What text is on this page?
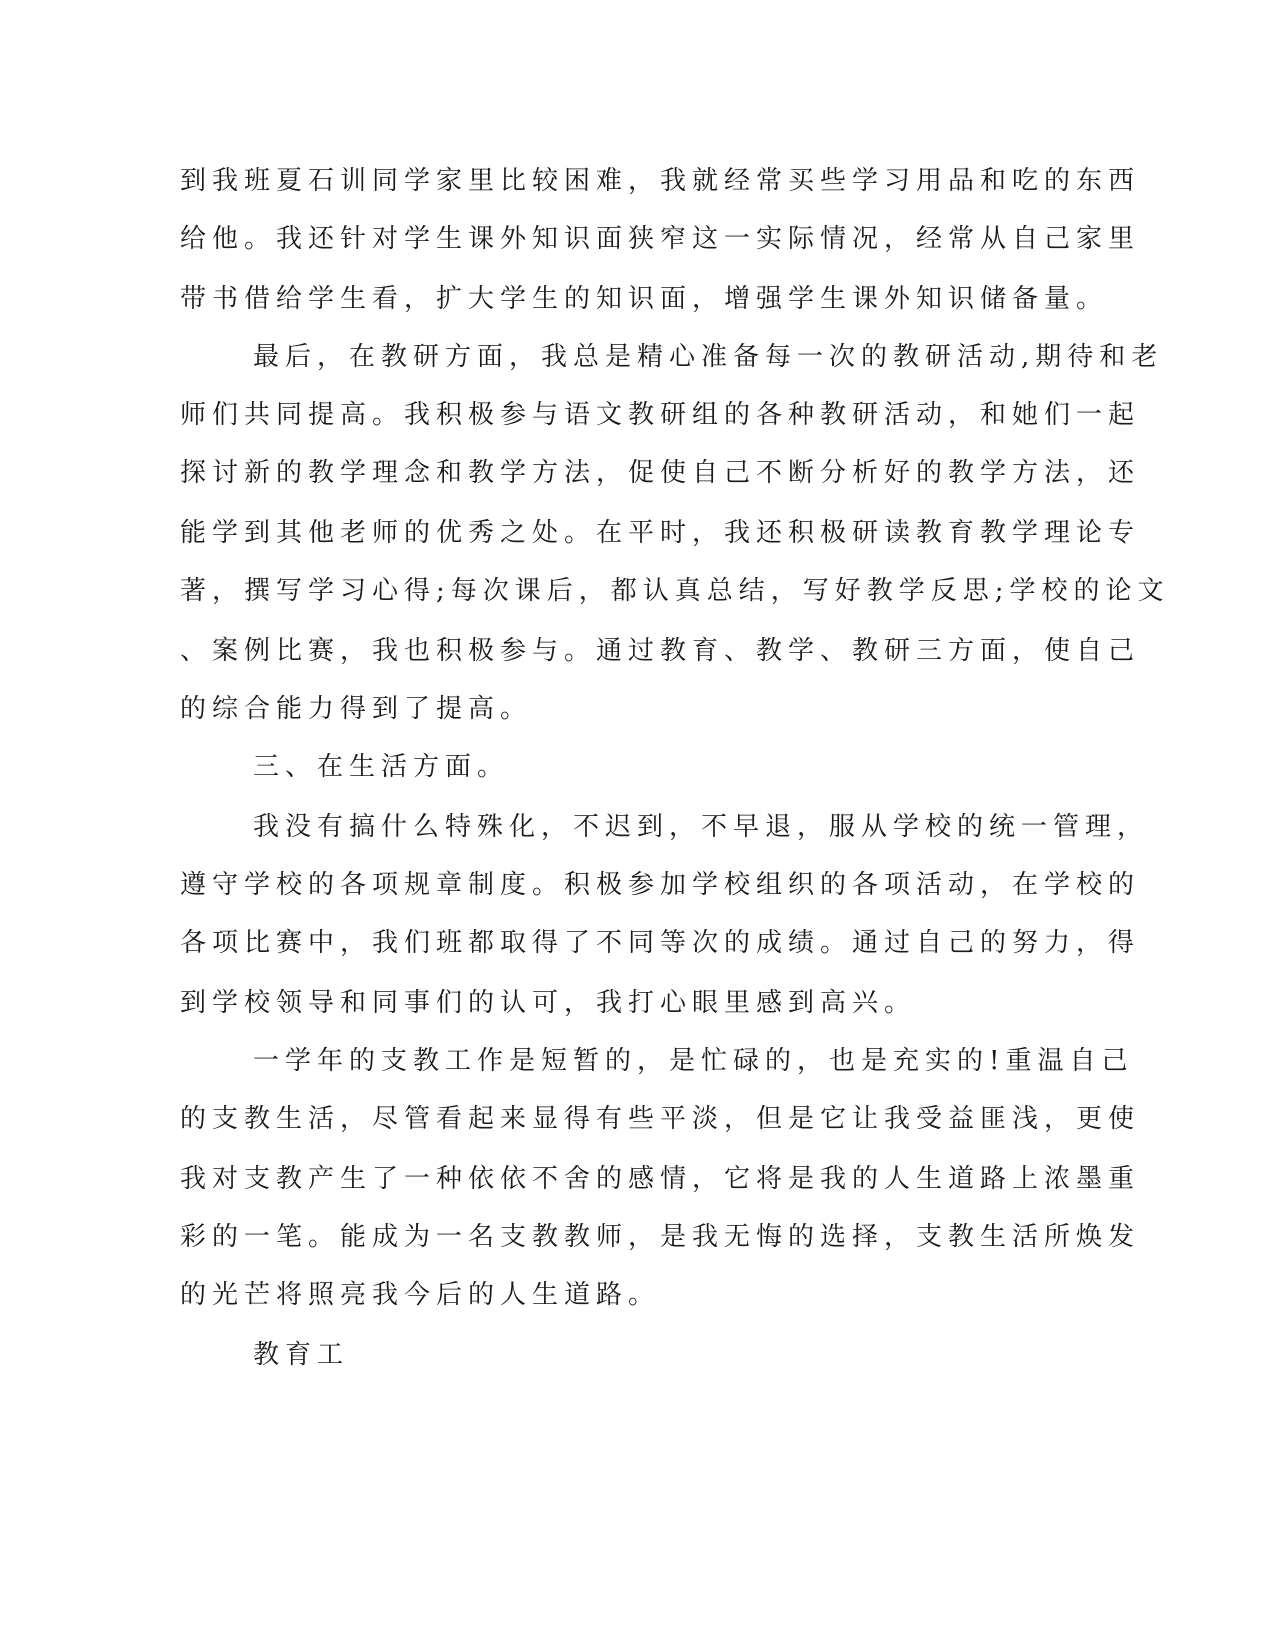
到我班夏石训同学家里比较困难，我就经常买些学习用品和吃的东西
给他。我还针对学生课外知识面狭窄这一实际情况，经常从自己家里
带书借给学生看，扩大学生的知识面，增强学生课外知识储备量。
最后，在教研方面，我总是精心准备每一次的教研活动,期待和老
师们共同提高。我积极参与语文教研组的各种教研活动，和她们一起
探讨新的教学理念和教学方法，促使自己不断分析好的教学方法，还
能学到其他老师的优秀之处。在平时，我还积极研读教育教学理论专
著，撰写学习心得;每次课后，都认真总结，写好教学反思;学校的论文
、案例比赛，我也积极参与。通过教育、教学、教研三方面，使自己
的综合能力得到了提高。
三、在生活方面。
我没有搞什么特殊化，不迟到，不早退，服从学校的统一管理，
遵守学校的各项规章制度。积极参加学校组织的各项活动，在学校的
各项比赛中，我们班都取得了不同等次的成绩。通过自己的努力，得
到学校领导和同事们的认可，我打心眼里感到高兴。
一学年的支教工作是短暂的，是忙碌的，也是充实的!重温自己
的支教生活，尽管看起来显得有些平淡，但是它让我受益匪浅，更使
我对支教产生了一种依依不舍的感情，它将是我的人生道路上浓墨重
彩的一笔。能成为一名支教教师，是我无悔的选择，支教生活所焕发
的光芒将照亮我今后的人生道路。
教育工
